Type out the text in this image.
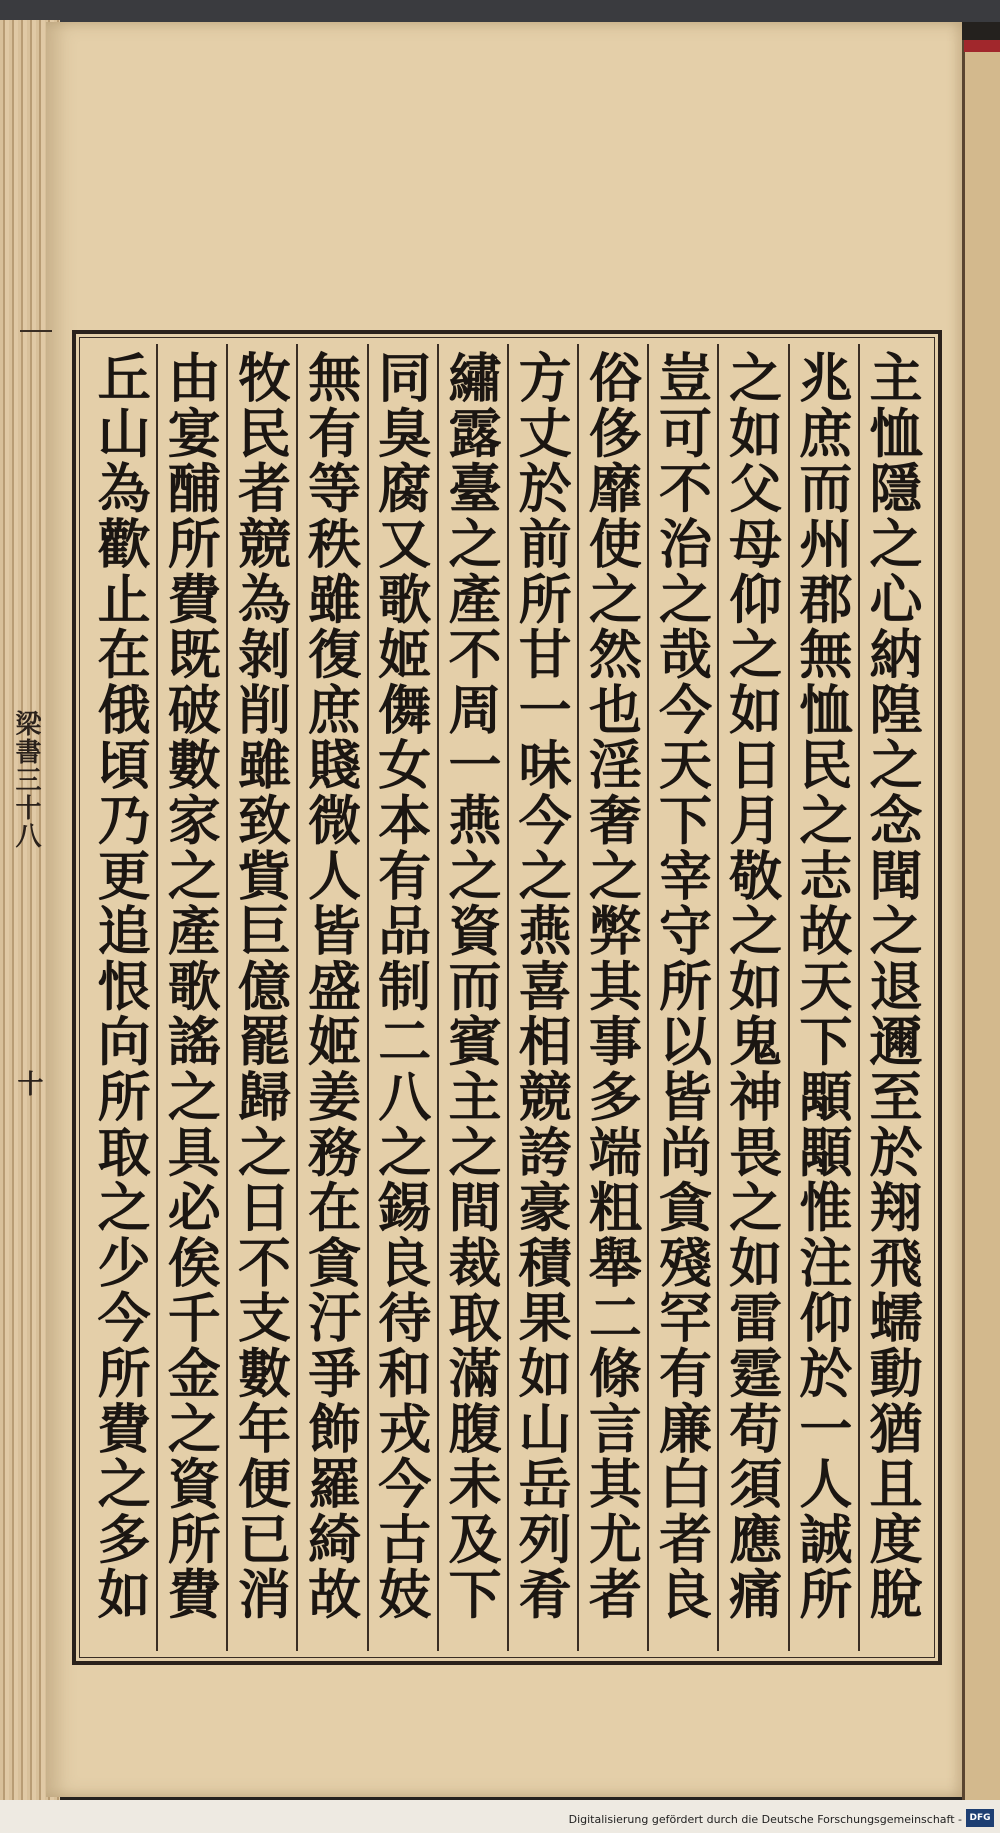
主恤隱之心納隍之念聞之退邇至於翔飛蠕動猶且度脫
兆庶而州郡無恤民之志故天下顒顒惟注仰於一人誠所
之如父母仰之如日月敬之如鬼神畏之如雷霆苟須應痛
豈可不治之哉今天下宰守所以皆尚貪殘罕有廉白者良
俗侈靡使之然也淫奢之弊其事多端粗舉二條言其尤者
方丈於前所甘一味今之燕喜相競誇豪積果如山岳列肴
繡露臺之產不周一燕之資而賓主之間裁取滿腹未及下
同臭腐又歌姬儛女本有品制二八之錫良待和戎今古妓
無有等秩雖復庶賤微人皆盛姬姜務在貪汙爭飾羅綺故
牧民者競為剝削雖致貲巨億罷歸之日不支數年便已消
由宴酺所費既破數家之產歌謠之具必俟千金之資所費
丘山為歡止在俄頃乃更追恨向所取之少今所費之多如
梁書三十八
十
Digitalisierung gefördert durch die Deutsche Forschungsgemeinschaft - DFG
